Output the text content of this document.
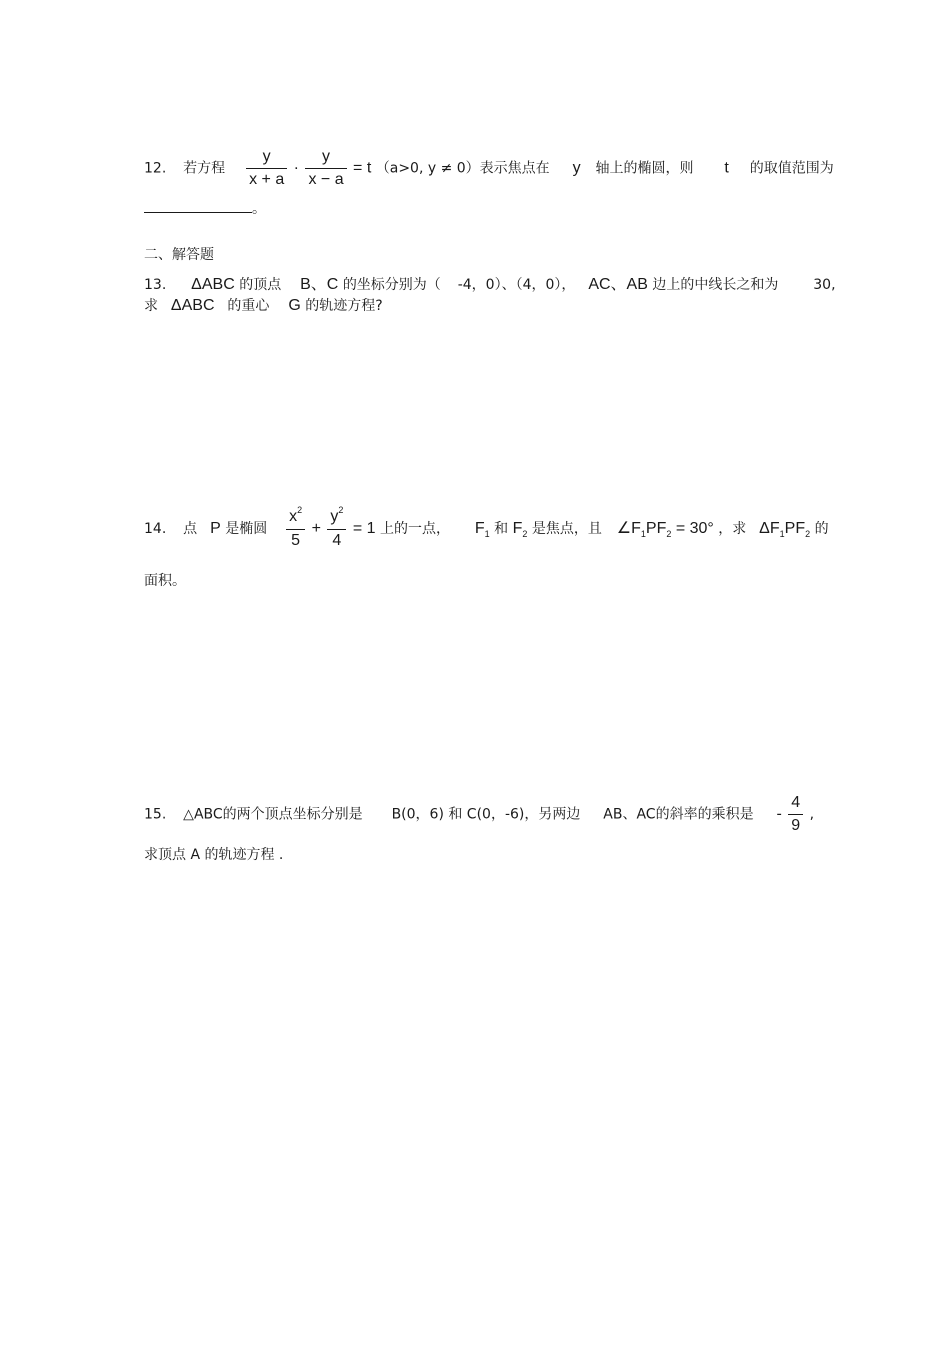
12. 若方程 $\frac{y}{x + a} \cdot \frac{y}{x - a} = t$ （a>0, y ≠ 0）表示焦点在 y 轴上的椭圆，则 t 的取值范围为
。
二、解答题
13. ΔABC 的顶点 B、C 的坐标分别为（ -4，0）、（4，0）， AC、AB 边上的中线长之和为 30,
求 ΔABC 的重心 G 的轨迹方程?
14. 点 P 是椭圆 $\frac{x^2}{5} + \frac{y^2}{4} = 1$ 上的一点， $F_1$ 和 $F_2$ 是焦点，且 $\angle F_1PF_2 = 30^\circ$ ，求 $\Delta F_1PF_2$ 的
面积。
15. △ABC的两个顶点坐标分别是 B(0，6) 和 C(0，-6)，另两边 AB、AC的斜率的乘积是 - $\frac{4}{9}$ ,
求顶点 A 的轨迹方程 .
